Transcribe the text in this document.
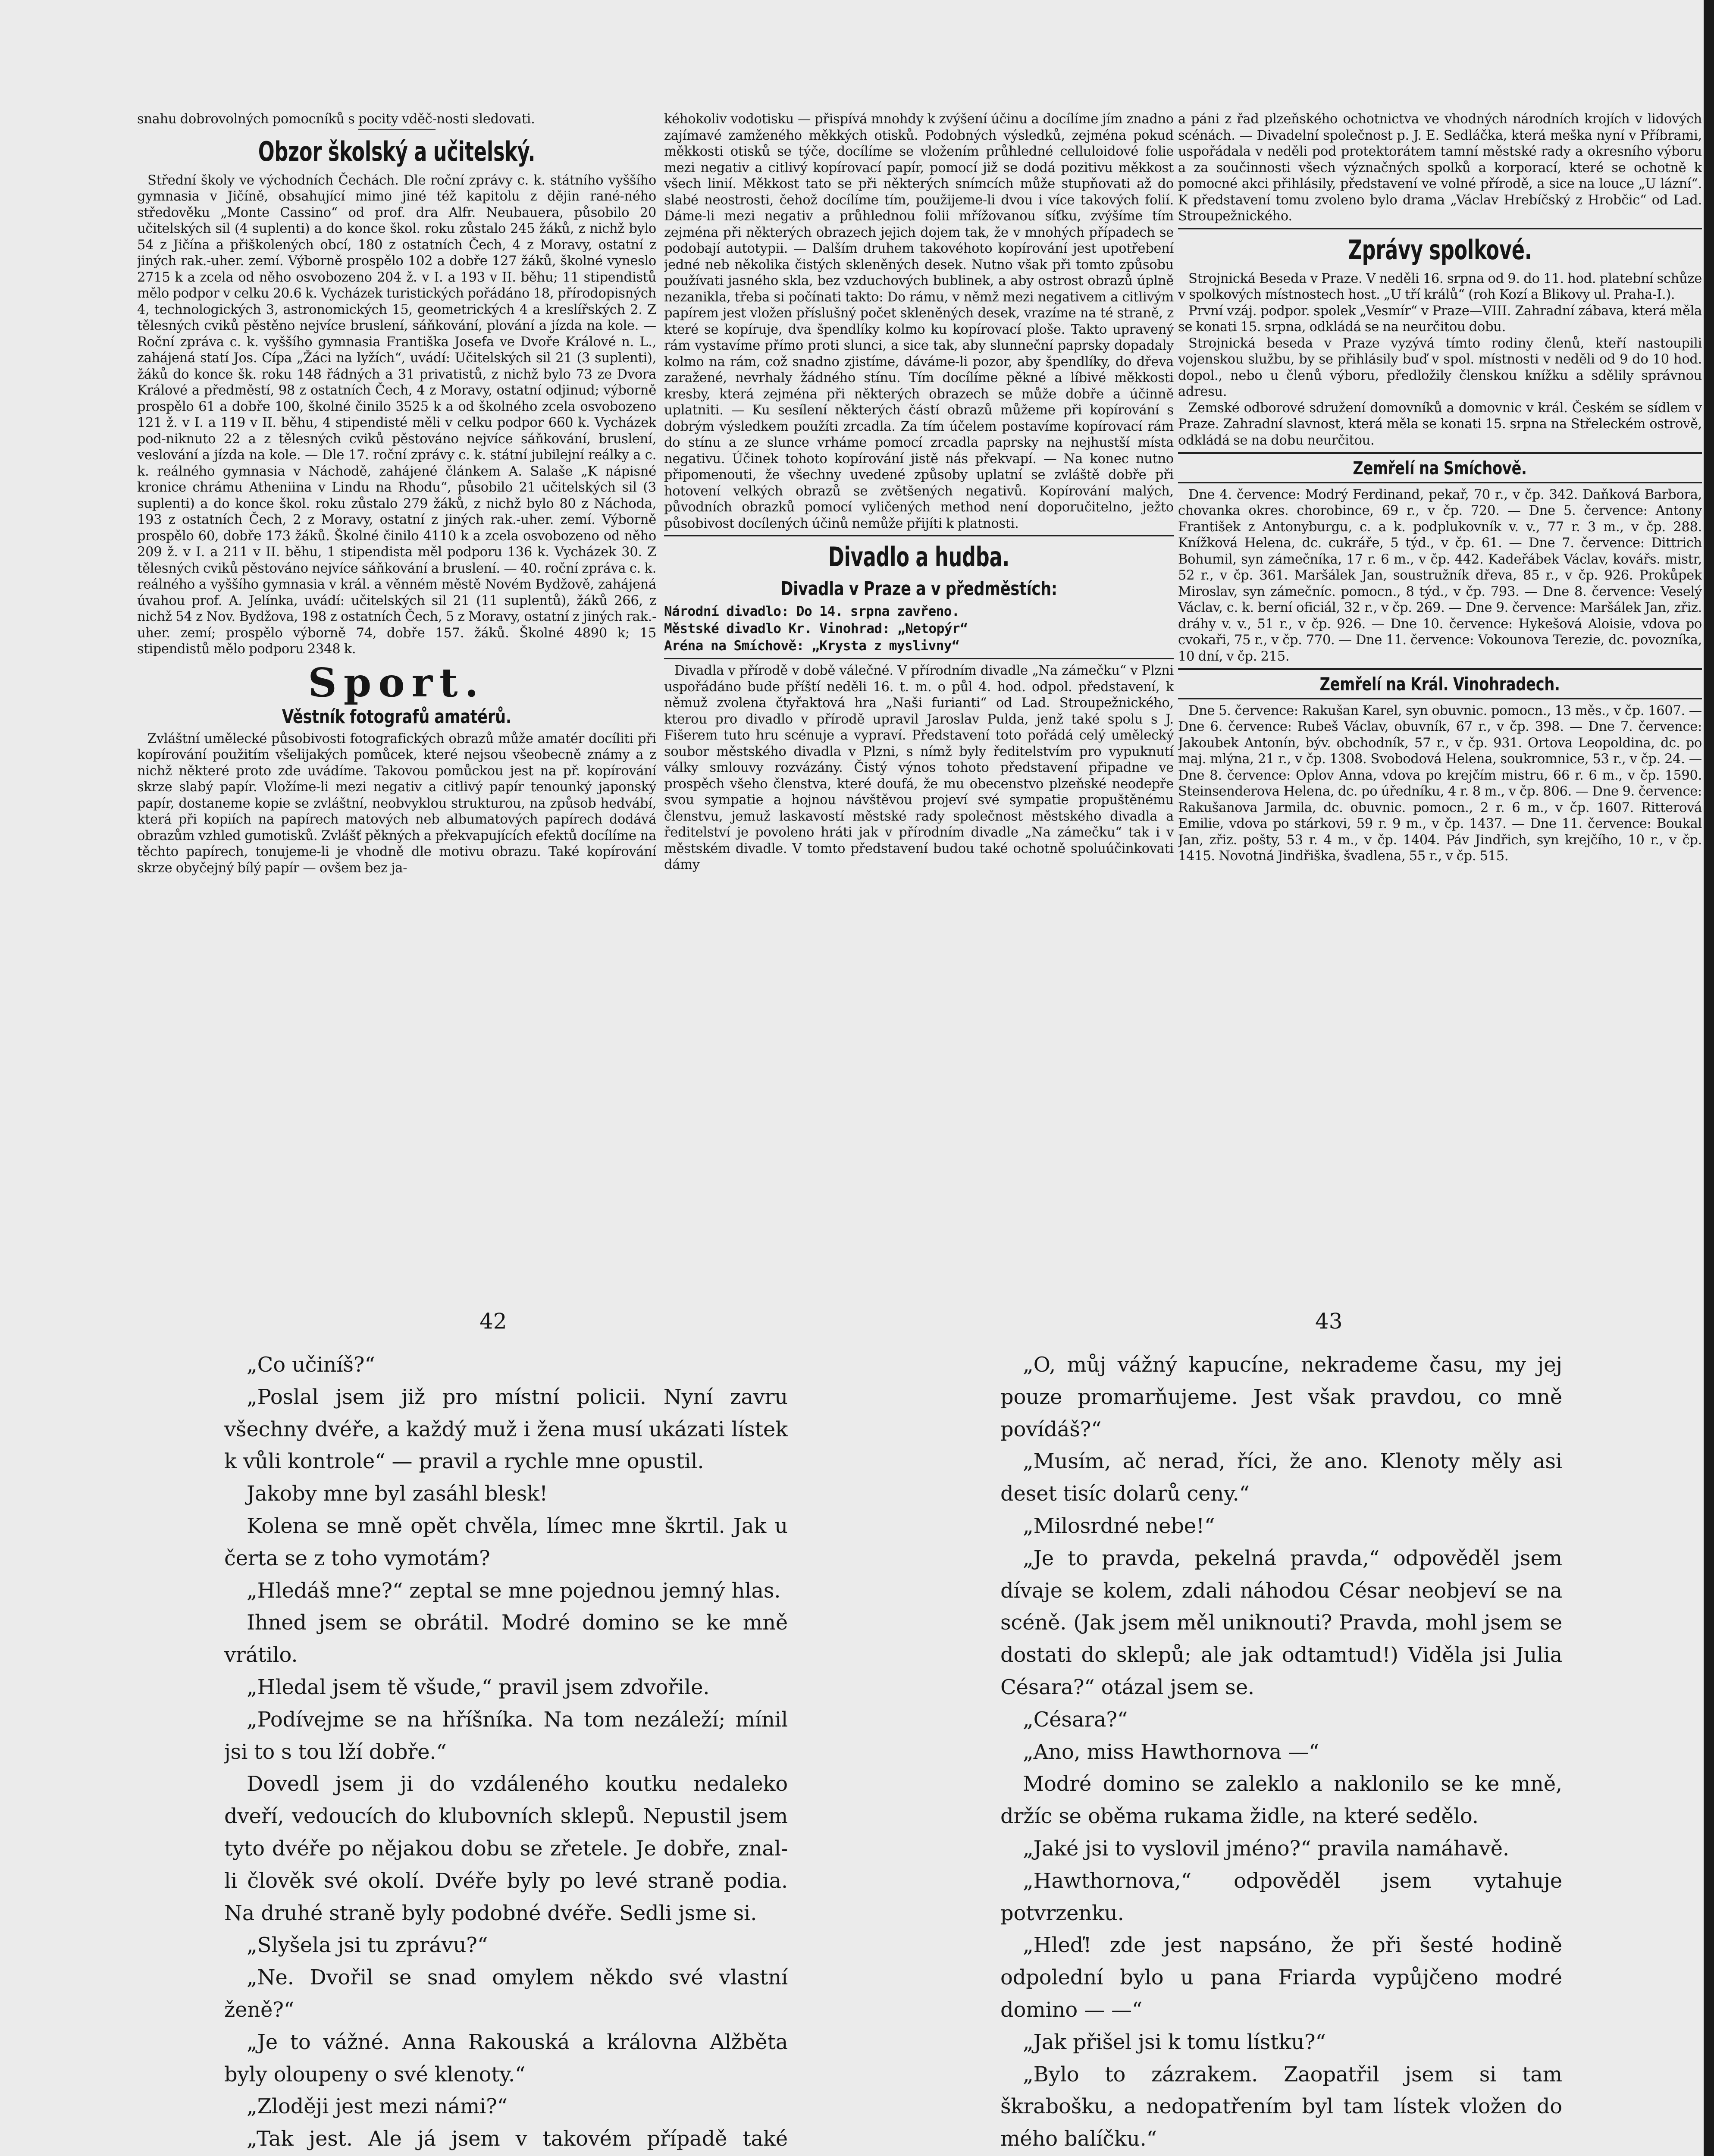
snahu dobrovolných pomocníků s pocity vděč-nosti sledovati.

Obzor školský a učitelský.

Střední školy ve východních Čechách. Dle roční zprávy c. k. státního vyššího gymnasia v Jičíně, obsahující mimo jiné též kapitolu z dějin rané-ného středověku „Monte Cassino“ od prof. dra Alfr. Neubauera, působilo 20 učitelských sil (4 suplenti) a do konce škol. roku zůstalo 245 žáků, z nichž bylo 54 z Jičína a přiškolených obcí, 180 z ostatních Čech, 4 z Moravy, ostatní z jiných rak.-uher. zemí. Výborně prospělo 102 a dobře 127 žáků, školné vyneslo 2715 k a zcela od něho osvobozeno 204 ž. v I. a 193 v II. běhu; 11 stipendistů mělo podpor v celku 20.6 k. Vycházek turistických pořádáno 18, přírodopisných 4, technologických 3, astronomických 15, geometrických 4 a kreslířských 2. Z tělesných cviků pěstěno nejvíce bruslení, sáňkování, plování a jízda na kole. — Roční zpráva c. k. vyššího gymnasia Františka Josefa ve Dvoře Králové n. L., zahájená statí Jos. Cípa „Žáci na lyžích“, uvádí: Učitelských sil 21 (3 suplenti), žáků do konce šk. roku 148 řádných a 31 privatistů, z nichž bylo 73 ze Dvora Králové a předměstí, 98 z ostatních Čech, 4 z Moravy, ostatní odjinud; výborně prospělo 61 a dobře 100, školné činilo 3525 k a od školného zcela osvobozeno 121 ž. v I. a 119 v II. běhu, 4 stipendisté měli v celku podpor 660 k. Vycházek pod-niknuto 22 a z tělesných cviků pěstováno nejvíce sáňkování, bruslení, veslování a jízda na kole. — Dle 17. roční zprávy c. k. státní jubilejní reálky a c. k. reálného gymnasia v Náchodě, zahájené článkem A. Salaše „K nápisné kronice chrámu Atheniina v Lindu na Rhodu“, působilo 21 učitelských sil (3 suplenti) a do konce škol. roku zůstalo 279 žáků, z nichž bylo 80 z Náchoda, 193 z ostatních Čech, 2 z Moravy, ostatní z jiných rak.-uher. zemí. Výborně prospělo 60, dobře 173 žáků. Školné činilo 4110 k a zcela osvobozeno od něho 209 ž. v I. a 211 v II. běhu, 1 stipendista měl podporu 136 k. Vycházek 30. Z tělesných cviků pěstováno nejvíce sáňkování a bruslení. — 40. roční zpráva c. k. reálného a vyššího gymnasia v král. a věnném městě Novém Bydžově, zahájená úvahou prof. A. Jelínka, uvádí: učitelských sil 21 (11 suplentů), žáků 266, z nichž 54 z Nov. Bydžova, 198 z ostatních Čech, 5 z Moravy, ostatní z jiných rak.-uher. zemí; prospělo výborně 74, dobře 157. žáků. Školné 4890 k; 15 stipendistů mělo podporu 2348 k.

Sport.
Věstník fotografů amatérů.

Zvláštní umělecké působivosti fotografických obrazů může amatér docíliti při kopírování použitím všelijakých pomůcek, které nejsou všeobecně známy a z nichž některé proto zde uvádíme. Takovou pomůckou jest na př. kopírování skrze slabý papír. Vložíme-li mezi negativ a citlivý papír tenounký japonský papír, dostaneme kopie se zvláštní, neobvyklou strukturou, na způsob hedvábí, která při kopiích na papírech matových neb albumatových papírech dodává obrazům vzhled gumotisků. Zvlášť pěkných a překvapujících efektů docílíme na těchto papírech, tonujeme-li je vhodně dle motivu obrazu. Také kopírování skrze obyčejný bílý papír — ovšem bez ja-

kéhokoliv vodotisku — přispívá mnohdy k zvýšení účinu a docílíme jím znadno zajímavé zamženého měkkých otisků. Podobných výsledků, zejména pokud měkkosti otisků se týče, docílíme se vložením průhledné celluloidové folie mezi negativ a citlivý kopírovací papír, pomocí již se dodá pozitivu měkkost všech linií. Měkkost tato se při některých snímcích může stupňovati až do slabé neostrosti, čehož docílíme tím, použijeme-li dvou i více takových folií. Dáme-li mezi negativ a průhlednou folii mřížovanou síťku, zvýšíme tím zejména při některých obrazech jejich dojem tak, že v mnohých případech se podobají autotypii. — Dalším druhem takovéhoto kopírování jest upotřebení jedné neb několika čistých skleněných desek. Nutno však při tomto způsobu používati jasného skla, bez vzduchových bublinek, a aby ostrost obrazů úplně nezanikla, třeba si počínati takto: Do rámu, v němž mezi negativem a citlivým papírem jest vložen příslušný počet skleněných desek, vrazíme na té straně, z které se kopíruje, dva špendlíky kolmo ku kopírovací ploše. Takto upravený rám vystavíme přímo proti slunci, a sice tak, aby slunneční paprsky dopadaly kolmo na rám, což snadno zjistíme, dáváme-li pozor, aby špendlíky, do dřeva zaražené, nevrhaly žádného stínu. Tím docílíme pěkné a líbivé měkkosti kresby, která zejména při některých obrazech se může dobře a účinně uplatniti. — Ku sesílení některých částí obrazů můžeme při kopírování s dobrým výsledkem použíti zrcadla. Za tím účelem postavíme kopírovací rám do stínu a ze slunce vrháme pomocí zrcadla paprsky na nejhustší místa negativu. Účinek tohoto kopírování jistě nás překvapí. — Na konec nutno připomenouti, že všechny uvedené způsoby uplatní se zvláště dobře při hotovení velkých obrazů se zvětšených negativů. Kopírování malých, původních obrazků pomocí vyličených method není doporučitelno, ježto působivost docílených účinů nemůže přijíti k platnosti.

Divadlo a hudba.
Divadla v Praze a v předměstích:
Národní divadlo: Do 14. srpna zavřeno.
Městské divadlo Kr. Vinohrad: „Netopýr“
Aréna na Smíchově: „Krysta z myslivny“

Divadla v přírodě v době válečné. V přírodním divadle „Na zámečku“ v Plzni uspořádáno bude příští neděli 16. t. m. o půl 4. hod. odpol. představení, k němuž zvolena čtyřaktová hra „Naši furianti“ od Lad. Stroupežnického, kterou pro divadlo v přírodě upravil Jaroslav Pulda, jenž také spolu s J. Fišerem tuto hru scénuje a vypraví. Představení toto pořádá celý umělecký soubor městského divadla v Plzni, s nímž byly ředitelstvím pro vypuknutí války smlouvy rozvázány. Čistý výnos tohoto představení připadne ve prospěch všeho členstva, které doufá, že mu obecenstvo plzeňské neodepře svou sympatie a hojnou návštěvou projeví své sympatie propuštěnému členstvu, jemuž laskavostí městské rady společnost městského divadla a ředitelství je povoleno hráti jak v přírodním divadle „Na zámečku“ tak i v městském divadle. V tomto představení budou také ochotně spoluúčinkovati dámy

a páni z řad plzeňského ochotnictva ve vhodných národních krojích v lidových scénách. — Divadelní společnost p. J. E. Sedláčka, která meška nyní v Příbrami, uspořádala v neděli pod protektorátem tamní městské rady a okresního výboru a za součinnosti všech význačných spolků a korporací, které se ochotně k pomocné akci přihlásily, představení ve volné přírodě, a sice na louce „U lázní“. K představení tomu zvoleno bylo drama „Václav Hrebíčský z Hrobčic“ od Lad. Stroupežnického.

Zprávy spolkové.

Strojnická Beseda v Praze. V neděli 16. srpna od 9. do 11. hod. platební schůze v spolkových místnostech host. „U tří králů“ (roh Kozí a Blikovy ul. Praha-I.).

První vzáj. podpor. spolek „Vesmír“ v Praze—VIII. Zahradní zábava, která měla se konati 15. srpna, odkládá se na neurčitou dobu.

Strojnická beseda v Praze vyzývá tímto rodiny členů, kteří nastoupili vojenskou službu, by se přihlásily buď v spol. místnosti v neděli od 9 do 10 hod. dopol., nebo u členů výboru, předložily členskou knížku a sdělily správnou adresu.

Zemské odborové sdružení domovníků a domovnic v král. Českém se sídlem v Praze. Zahradní slavnost, která měla se konati 15. srpna na Střeleckém ostrově, odkládá se na dobu neurčitou.

Zemřelí na Smíchově.

Dne 4. července: Modrý Ferdinand, pekař, 70 r., v čp. 342. Daňková Barbora, chovanka okres. chorobince, 69 r., v čp. 720. — Dne 5. července: Antony František z Antonyburgu, c. a k. podplukovník v. v., 77 r. 3 m., v čp. 288. Knížková Helena, dc. cukráře, 5 týd., v čp. 61. — Dne 7. července: Dittrich Bohumil, syn zámečníka, 17 r. 6 m., v čp. 442. Kadeřábek Václav, kovářs. mistr, 52 r., v čp. 361. Maršálek Jan, soustružník dřeva, 85 r., v čp. 926. Prokůpek Miroslav, syn zámečníc. pomocn., 8 týd., v čp. 793. — Dne 8. července: Veselý Václav, c. k. berní oficiál, 32 r., v čp. 269. — Dne 9. července: Maršálek Jan, zřiz. dráhy v. v., 51 r., v čp. 926. — Dne 10. července: Hykešová Aloisie, vdova po cvokaři, 75 r., v čp. 770. — Dne 11. července: Vokounova Terezie, dc. povozníka, 10 dní, v čp. 215.

Zemřelí na Král. Vinohradech.

Dne 5. července: Rakušan Karel, syn obuvnic. pomocn., 13 měs., v čp. 1607. — Dne 6. července: Rubeš Václav, obuvník, 67 r., v čp. 398. — Dne 7. července: Jakoubek Antonín, býv. obchodník, 57 r., v čp. 931. Ortova Leopoldina, dc. po maj. mlýna, 21 r., v čp. 1308. Svobodová Helena, soukromnice, 53 r., v čp. 24. — Dne 8. července: Oplov Anna, vdova po krejčím mistru, 66 r. 6 m., v čp. 1590. Steinsenderova Helena, dc. po úředníku, 4 r. 8 m., v čp. 806. — Dne 9. července: Rakušanova Jarmila, dc. obuvnic. pomocn., 2 r. 6 m., v čp. 1607. Ritterová Emilie, vdova po stárkovi, 59 r. 9 m., v čp. 1437. — Dne 11. července: Boukal Jan, zřiz. pošty, 53 r. 4 m., v čp. 1404. Páv Jindřich, syn krejčího, 10 r., v čp. 1415. Novotná Jindřiška, švadlena, 55 r., v čp. 515.

42	43

„Co učiníš?“

„Poslal jsem již pro místní policii. Nyní zavru všechny dvéře, a každý muž i žena musí ukázati lístek k vůli kontrole“ — pravil a rychle mne opustil.

Jakoby mne byl zasáhl blesk!

Kolena se mně opět chvěla, límec mne škrtil. Jak u čerta se z toho vymotám?

„Hledáš mne?“ zeptal se mne pojednou jemný hlas.

Ihned jsem se obrátil. Modré domino se ke mně vrátilo.

„Hledal jsem tě všude,“ pravil jsem zdvořile.

„Podívejme se na hříšníka. Na tom nezáleží; mínil jsi to s tou lží dobře.“

Dovedl jsem ji do vzdáleného koutku nedaleko dveří, vedoucích do klubovních sklepů. Nepustil jsem tyto dvéře po nějakou dobu se zřetele. Je dobře, znal-li člověk své okolí. Dvéře byly po levé straně podia. Na druhé straně byly podobné dvéře. Sedli jsme si.

„Slyšela jsi tu zprávu?“

„Ne. Dvořil se snad omylem někdo své vlastní ženě?“

„Je to vážné. Anna Rakouská a královna Alžběta byly oloupeny o své klenoty.“

„Zloději jest mezi námi?“

„Tak jest. Ale já jsem v takovém případě také

„O, můj vážný kapucíne, nekrademe času, my jej pouze promarňujeme. Jest však pravdou, co mně povídáš?“

„Musím, ač nerad, říci, že ano. Klenoty měly asi deset tisíc dolarů ceny.“

„Milosrdné nebe!“

„Je to pravda, pekelná pravda,“ odpověděl jsem dívaje se kolem, zdali náhodou César neobjeví se na scéně. (Jak jsem měl uniknouti? Pravda, mohl jsem se dostati do sklepů; ale jak odtamtud!) Viděla jsi Julia Césara?“ otázal jsem se.

„Césara?“

„Ano, miss Hawthornova —“

Modré domino se zaleklo a naklonilo se ke mně, držíc se oběma rukama židle, na které sedělo.

„Jaké jsi to vyslovil jméno?“ pravila namáhavě.

„Hawthornova,“ odpověděl jsem vytahuje potvrzenku.

„Hleď! zde jest napsáno, že při šesté hodině odpolední bylo u pana Friarda vypůjčeno modré domino — —“

„Jak přišel jsi k tomu lístku?“

„Bylo to zázrakem. Zaopatřil jsem si tam škrabošku, a nedopatřením byl tam lístek vložen do mého balíčku.“
